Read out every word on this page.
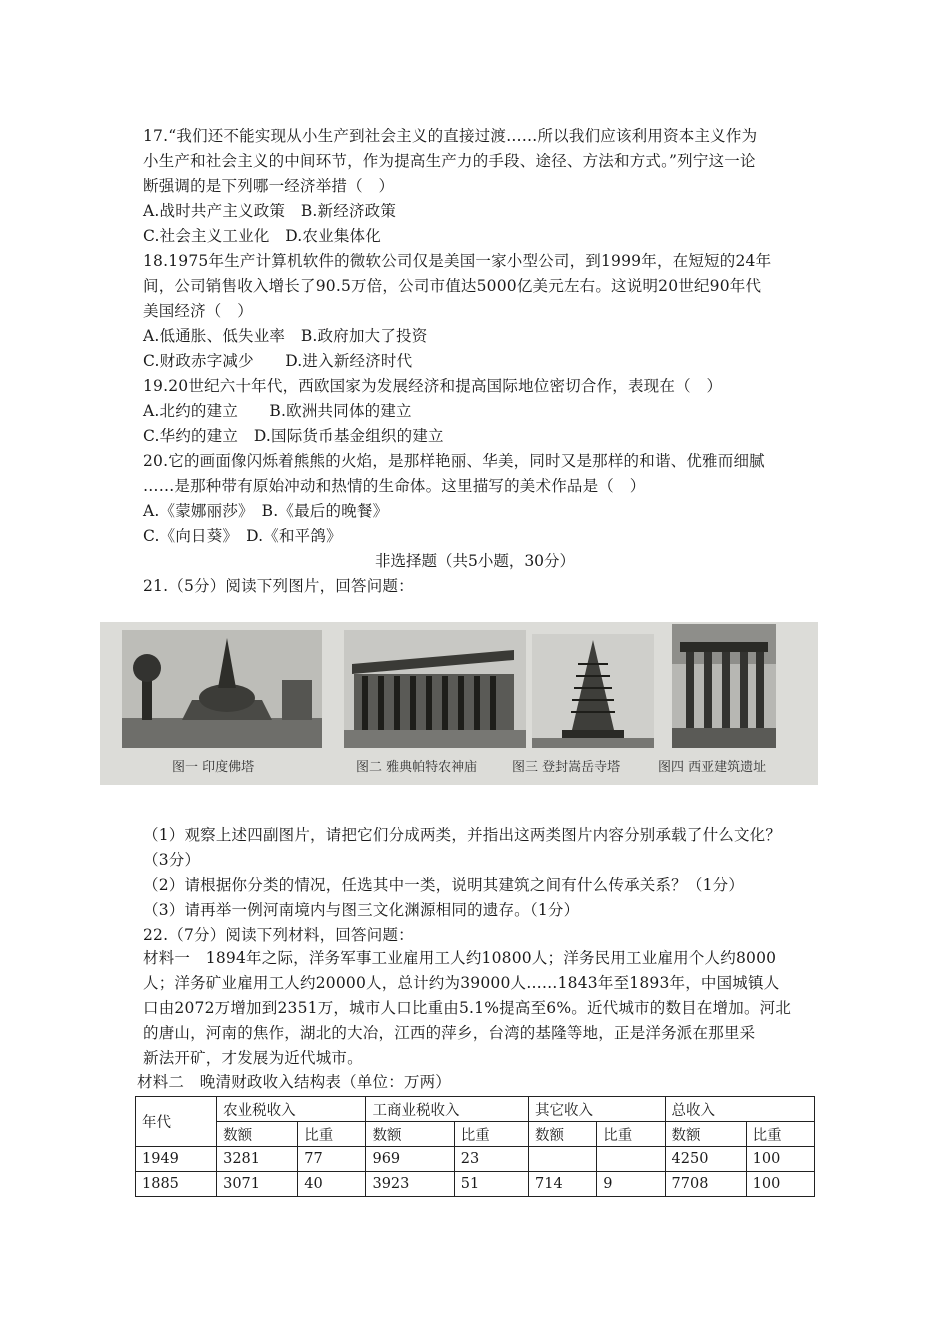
17.“我们还不能实现从小生产到社会主义的直接过渡……所以我们应该利用资本主义作为
小生产和社会主义的中间环节，作为提高生产力的手段、途径、方法和方式。”列宁这一论
断强调的是下列哪一经济举措（　）
A.战时共产主义政策　B.新经济政策
C.社会主义工业化　D.农业集体化
18.1975年生产计算机软件的微软公司仅是美国一家小型公司，到1999年，在短短的24年
间，公司销售收入增长了90.5万倍，公司市值达5000亿美元左右。这说明20世纪90年代
美国经济（　）
A.低通胀、低失业率　B.政府加大了投资
C.财政赤字减少　　D.进入新经济时代
19.20世纪六十年代，西欧国家为发展经济和提高国际地位密切合作，表现在（　）
A.北约的建立　　B.欧洲共同体的建立
C.华约的建立　D.国际货币基金组织的建立
20.它的画面像闪烁着熊熊的火焰，是那样艳丽、华美，同时又是那样的和谐、优雅而细腻
……是那种带有原始冲动和热情的生命体。这里描写的美术作品是（　）
A.《蒙娜丽莎》　B.《最后的晚餐》
C.《向日葵》　D.《和平鸽》
非选择题（共5小题，30分）
21.（5分）阅读下列图片，回答问题：
图一 印度佛塔	图二 雅典帕特农神庙	图三 登封嵩岳寺塔	图四 西亚建筑遗址
（1）观察上述四副图片，请把它们分成两类，并指出这两类图片内容分别承载了什么文化？
（3分）
（2）请根据你分类的情况，任选其中一类，说明其建筑之间有什么传承关系？（1分）
（3）请再举一例河南境内与图三文化渊源相同的遗存。（1分）
22.（7分）阅读下列材料，回答问题：
材料一　1894年之际，洋务军事工业雇用工人约10800人；洋务民用工业雇用个人约8000
人；洋务矿业雇用工人约20000人，总计约为39000人……1843年至1893年，中国城镇人
口由2072万增加到2351万，城市人口比重由5.1%提高至6%。近代城市的数目在增加。河北
的唐山，河南的焦作，湖北的大冶，江西的萍乡，台湾的基隆等地，正是洋务派在那里采
新法开矿，才发展为近代城市。
材料二　晚清财政收入结构表（单位：万两）
年代	农业税收入		工商业税收入		其它收入		总收入	
	数额	比重	数额	比重	数额	比重	数额	比重
1949	3281	77	969	23			4250	100
1885	3071	40	3923	51	714	9	7708	100
